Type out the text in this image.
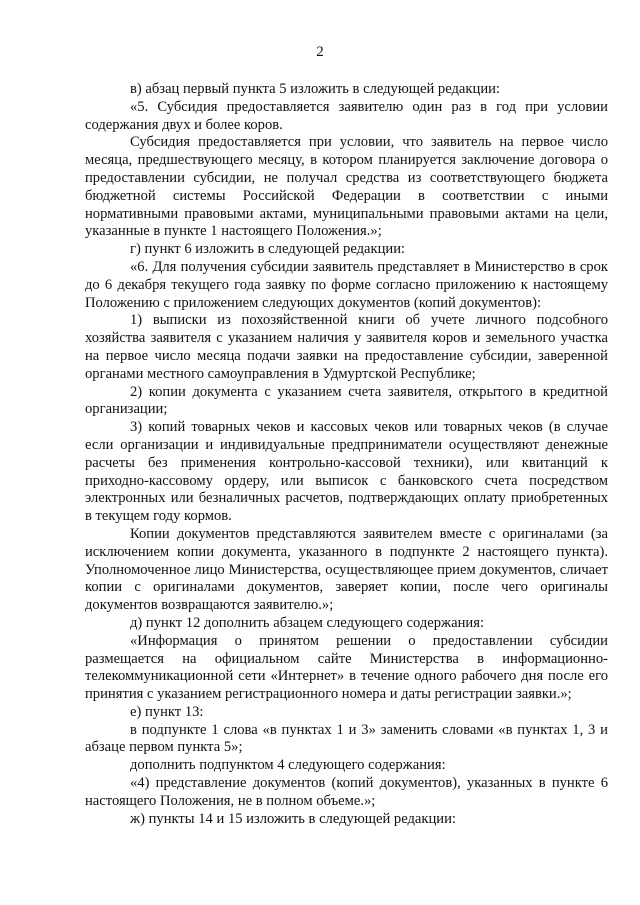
2

в) абзац первый пункта 5 изложить в следующей редакции:

«5. Субсидия предоставляется заявителю один раз в год при условии содержания двух и более коров.

Субсидия предоставляется при условии, что заявитель на первое число месяца, предшествующего месяцу, в котором планируется заключение договора о предоставлении субсидии, не получал средства из соответствующего бюджета бюджетной системы Российской Федерации в соответствии с иными нормативными правовыми актами, муниципальными правовыми актами на цели, указанные в пункте 1 настоящего Положения.»;

г) пункт 6 изложить в следующей редакции:

«6. Для получения субсидии заявитель представляет в Министерство в срок до 6 декабря текущего года заявку по форме согласно приложению к настоящему Положению с приложением следующих документов (копий документов):

1) выписки из похозяйственной книги об учете личного подсобного хозяйства заявителя с указанием наличия у заявителя коров и земельного участка на первое число месяца подачи заявки на предоставление субсидии, заверенной органами местного самоуправления в Удмуртской Республике;

2) копии документа с указанием счета заявителя, открытого в кредитной организации;

3) копий товарных чеков и кассовых чеков или товарных чеков (в случае если организации и индивидуальные предприниматели осуществляют денежные расчеты без применения контрольно-кассовой техники), или квитанций к приходно-кассовому ордеру, или выписок с банковского счета посредством электронных или безналичных расчетов, подтверждающих оплату приобретенных в текущем году кормов.

Копии документов представляются заявителем вместе с оригиналами (за исключением копии документа, указанного в подпункте 2 настоящего пункта). Уполномоченное лицо Министерства, осуществляющее прием документов, сличает копии с оригиналами документов, заверяет копии, после чего оригиналы документов возвращаются заявителю.»;

д) пункт 12 дополнить абзацем следующего содержания:

«Информация о принятом решении о предоставлении субсидии размещается на официальном сайте Министерства в информационно-телекоммуникационной сети «Интернет» в течение одного рабочего дня после его принятия с указанием регистрационного номера и даты регистрации заявки.»;

е) пункт 13:

в подпункте 1 слова «в пунктах 1 и 3» заменить словами «в пунктах 1, 3 и абзаце первом пункта 5»;

дополнить подпунктом 4 следующего содержания:

«4) представление документов (копий документов), указанных в пункте 6 настоящего Положения, не в полном объеме.»;

ж) пункты 14 и 15 изложить в следующей редакции:
